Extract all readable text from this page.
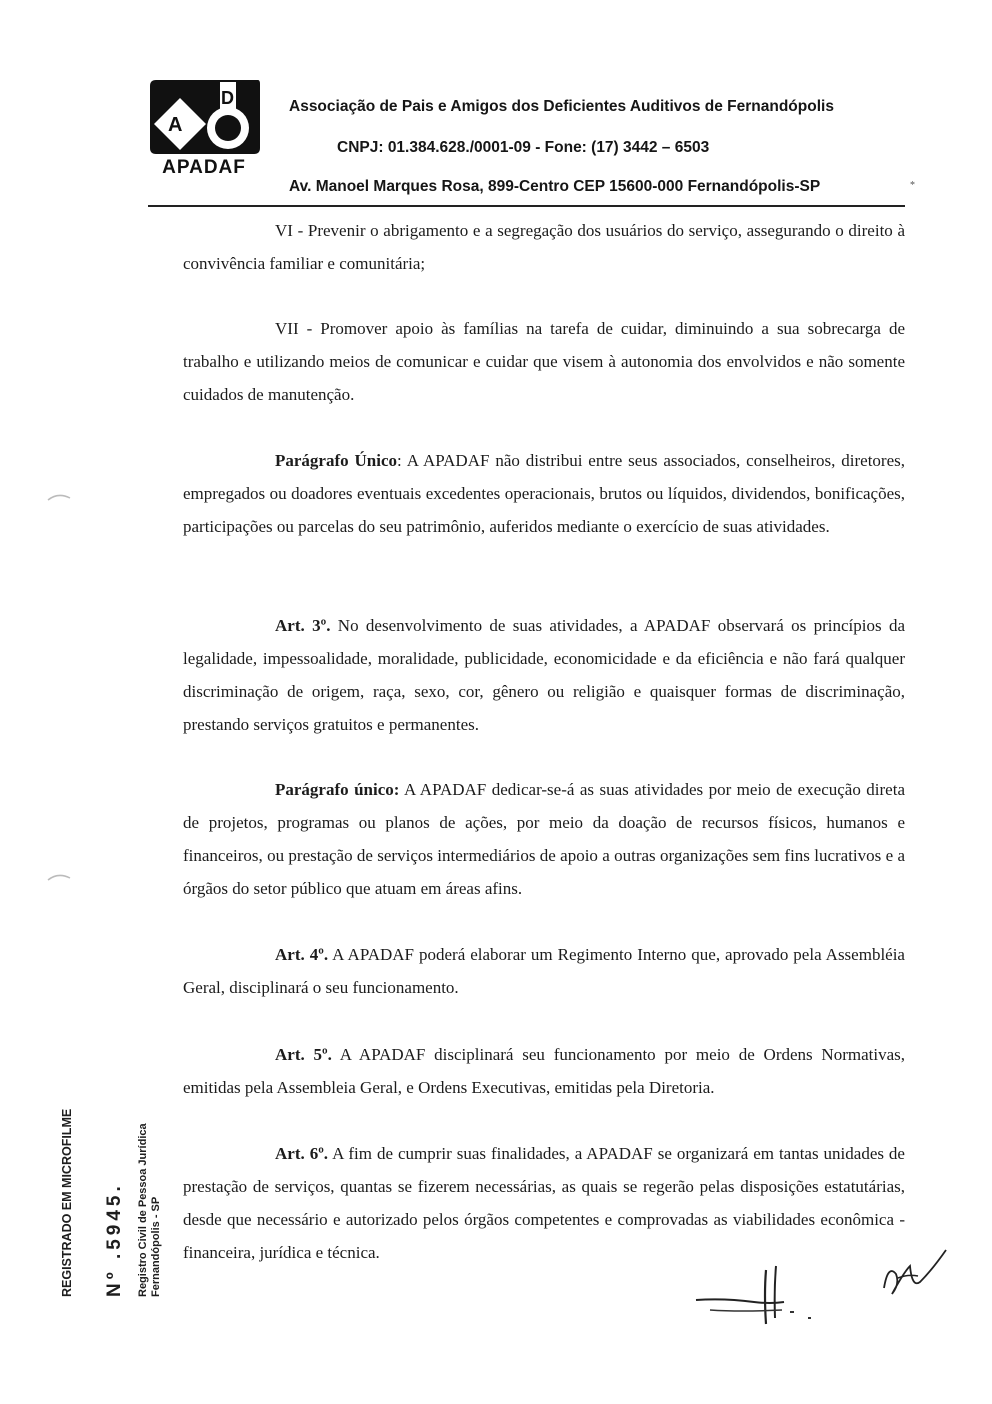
A
D
APADAF
Associação de Pais e Amigos dos Deficientes Auditivos de Fernandópolis
CNPJ: 01.384.628./0001-09 - Fone: (17) 3442 – 6503
Av. Manoel Marques Rosa, 899-Centro CEP 15600-000 Fernandópolis-SP	*
VI - Prevenir o abrigamento e a segregação dos usuários do serviço, assegurando o direito à convivência familiar e comunitária;
VII - Promover apoio às famílias na tarefa de cuidar, diminuindo a sua sobrecarga de trabalho e utilizando meios de comunicar e cuidar que visem à autonomia dos envolvidos e não somente cuidados de manutenção.
Parágrafo Único: A APADAF não distribui entre seus associados, conselheiros, diretores, empregados ou doadores eventuais excedentes operacionais, brutos ou líquidos, dividendos, bonificações, participações ou parcelas do seu patrimônio, auferidos mediante o exercício de suas atividades.
Art. 3º. No desenvolvimento de suas atividades, a APADAF observará os princípios da legalidade, impessoalidade, moralidade, publicidade, economicidade e da eficiência e não fará qualquer discriminação de origem, raça, sexo, cor, gênero ou religião e quaisquer formas de discriminação, prestando serviços gratuitos e permanentes.
Parágrafo único: A APADAF dedicar-se-á as suas atividades por meio de execução direta de projetos, programas ou planos de ações, por meio da doação de recursos físicos, humanos e financeiros, ou prestação de serviços intermediários de apoio a outras organizações sem fins lucrativos e a órgãos do setor público que atuam em áreas afins.
Art. 4º. A APADAF poderá elaborar um Regimento Interno que, aprovado pela Assembléia Geral, disciplinará o seu funcionamento.
Art. 5º. A APADAF disciplinará seu funcionamento por meio de Ordens Normativas, emitidas pela Assembleia Geral, e Ordens Executivas, emitidas pela Diretoria.
Art. 6º. A fim de cumprir suas finalidades, a APADAF se organizará em tantas unidades de prestação de serviços, quantas se fizerem necessárias, as quais se regerão pelas disposições estatutárias, desde que necessário e autorizado pelos órgãos competentes e comprovadas as viabilidades econômica - financeira, jurídica e técnica.
REGISTRADO EM MICROFILME Nº .5945. Registro Civil de Pessoa Jurídica Fernandópolis - SP
